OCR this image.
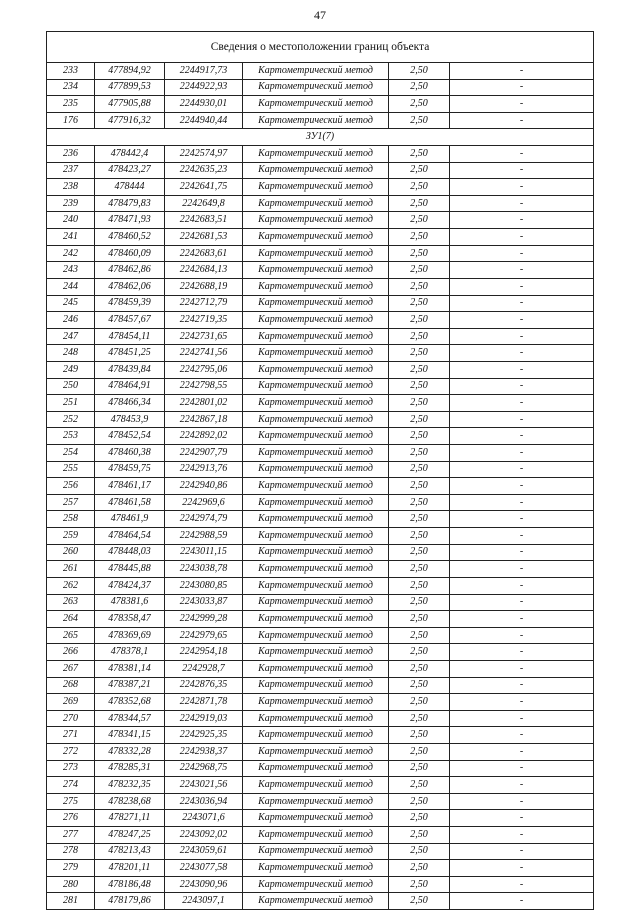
47
Сведения о местоположении границ объекта					
233	477894,92	2244917,73	Картометрический метод	2,50	-
234	477899,53	2244922,93	Картометрический метод	2,50	-
235	477905,88	2244930,01	Картометрический метод	2,50	-
176	477916,32	2244940,44	Картометрический метод	2,50	-
ЗУ1(7)					
236	478442,4	2242574,97	Картометрический метод	2,50	-
237	478423,27	2242635,23	Картометрический метод	2,50	-
238	478444	2242641,75	Картометрический метод	2,50	-
239	478479,83	2242649,8	Картометрический метод	2,50	-
240	478471,93	2242683,51	Картометрический метод	2,50	-
241	478460,52	2242681,53	Картометрический метод	2,50	-
242	478460,09	2242683,61	Картометрический метод	2,50	-
243	478462,86	2242684,13	Картометрический метод	2,50	-
244	478462,06	2242688,19	Картометрический метод	2,50	-
245	478459,39	2242712,79	Картометрический метод	2,50	-
246	478457,67	2242719,35	Картометрический метод	2,50	-
247	478454,11	2242731,65	Картометрический метод	2,50	-
248	478451,25	2242741,56	Картометрический метод	2,50	-
249	478439,84	2242795,06	Картометрический метод	2,50	-
250	478464,91	2242798,55	Картометрический метод	2,50	-
251	478466,34	2242801,02	Картометрический метод	2,50	-
252	478453,9	2242867,18	Картометрический метод	2,50	-
253	478452,54	2242892,02	Картометрический метод	2,50	-
254	478460,38	2242907,79	Картометрический метод	2,50	-
255	478459,75	2242913,76	Картометрический метод	2,50	-
256	478461,17	2242940,86	Картометрический метод	2,50	-
257	478461,58	2242969,6	Картометрический метод	2,50	-
258	478461,9	2242974,79	Картометрический метод	2,50	-
259	478464,54	2242988,59	Картометрический метод	2,50	-
260	478448,03	2243011,15	Картометрический метод	2,50	-
261	478445,88	2243038,78	Картометрический метод	2,50	-
262	478424,37	2243080,85	Картометрический метод	2,50	-
263	478381,6	2243033,87	Картометрический метод	2,50	-
264	478358,47	2242999,28	Картометрический метод	2,50	-
265	478369,69	2242979,65	Картометрический метод	2,50	-
266	478378,1	2242954,18	Картометрический метод	2,50	-
267	478381,14	2242928,7	Картометрический метод	2,50	-
268	478387,21	2242876,35	Картометрический метод	2,50	-
269	478352,68	2242871,78	Картометрический метод	2,50	-
270	478344,57	2242919,03	Картометрический метод	2,50	-
271	478341,15	2242925,35	Картометрический метод	2,50	-
272	478332,28	2242938,37	Картометрический метод	2,50	-
273	478285,31	2242968,75	Картометрический метод	2,50	-
274	478232,35	2243021,56	Картометрический метод	2,50	-
275	478238,68	2243036,94	Картометрический метод	2,50	-
276	478271,11	2243071,6	Картометрический метод	2,50	-
277	478247,25	2243092,02	Картометрический метод	2,50	-
278	478213,43	2243059,61	Картометрический метод	2,50	-
279	478201,11	2243077,58	Картометрический метод	2,50	-
280	478186,48	2243090,96	Картометрический метод	2,50	-
281	478179,86	2243097,1	Картометрический метод	2,50	-
